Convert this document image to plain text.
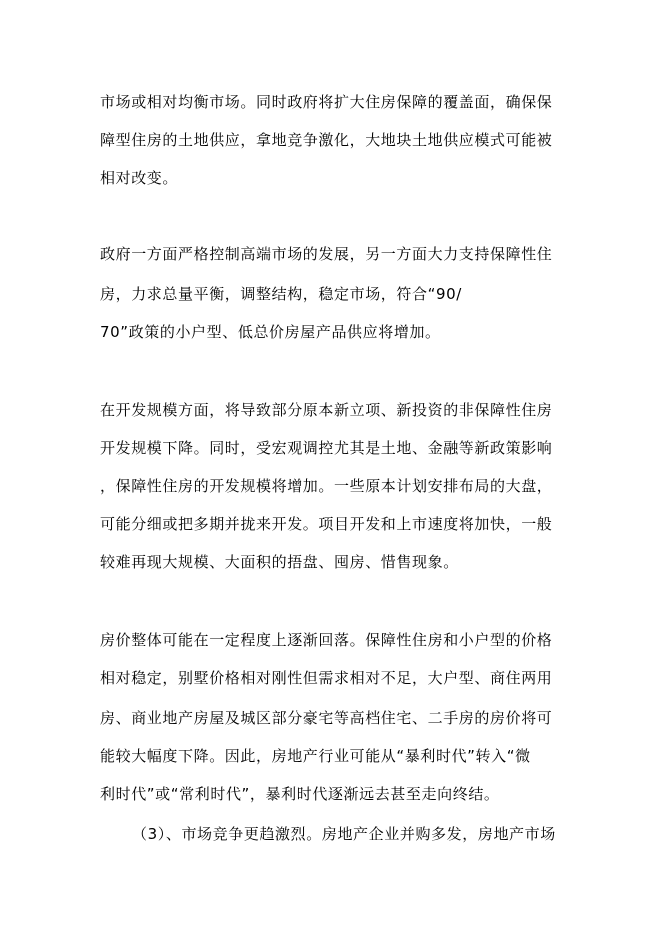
市场或相对均衡市场。同时政府将扩大住房保障的覆盖面，确保保
障型住房的土地供应，拿地竞争激化，大地块土地供应模式可能被
相对改变。
政府一方面严格控制高端市场的发展，另一方面大力支持保障性住
房，力求总量平衡，调整结构，稳定市场，符合“90/
70”政策的小户型、低总价房屋产品供应将增加。
在开发规模方面，将导致部分原本新立项、新投资的非保障性住房
开发规模下降。同时，受宏观调控尤其是土地、金融等新政策影响
，保障性住房的开发规模将增加。一些原本计划安排布局的大盘，
可能分细或把多期并拢来开发。项目开发和上市速度将加快，一般
较难再现大规模、大面积的捂盘、囤房、惜售现象。
房价整体可能在一定程度上逐渐回落。保障性住房和小户型的价格
相对稳定，别墅价格相对刚性但需求相对不足，大户型、商住两用
房、商业地产房屋及城区部分豪宅等高档住宅、二手房的房价将可
能较大幅度下降。因此，房地产行业可能从“暴利时代”转入“微
利时代”或“常利时代”，暴利时代逐渐远去甚至走向终结。
（3）、市场竞争更趋激烈。房地产企业并购多发，房地产市场
